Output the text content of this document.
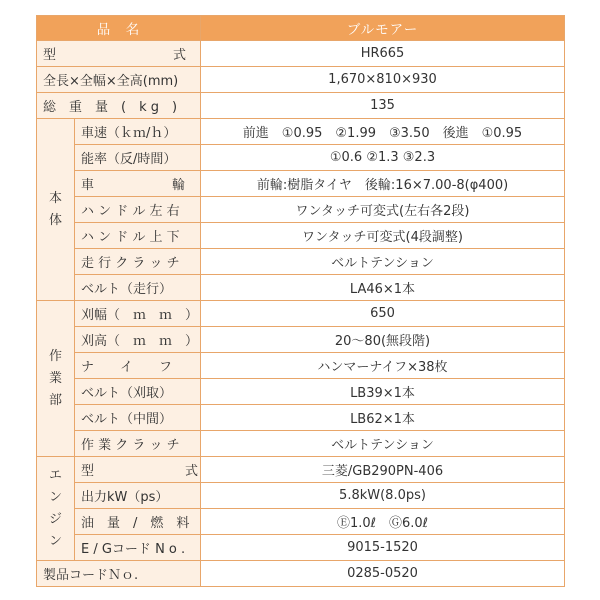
品　名		ブルモアー
型　　　　　　　　　式		HR665
全長×全幅×全高(mm)		1,670×810×930
総　重　量　(　k g　)		135
本
体	車速（ｋｍ/ｈ）	前進　①0.95　②1.99　③3.50　後進　①0.95
	能率（反/時間）	①0.6 ②1.3 ③2.3
	車　　　　　　輪	前輪:樹脂タイヤ　後輪:16×7.00-8(φ400)
	ハ ン ド ル 左 右	ワンタッチ可変式(左右各2段)
	ハ ン ド ル 上 下	ワンタッチ可変式(4段調整)
	走 行 ク ラ ッ チ	ベルトテンション
	ベルト（走行）	LA46×1本
作
業
部	刈幅（　ｍ　ｍ　）	650
	刈高（　ｍ　ｍ　）	20～80(無段階)
	ナ　　イ　　フ	ハンマーナイフ×38枚
	ベルト（刈取）	LB39×1本
	ベルト（中間）	LB62×1本
	作 業 ク ラ ッ チ	ベルトテンション
エ
ン
ジ
ン	型　　　　　　　式	三菱/GB290PN-406
	出力kW（ps）	5.8kW(8.0ps)
	油　量　/　燃　料	Ⓔ1.0ℓ　Ⓖ6.0ℓ
	E / Gコード N o .	9015-1520
製品コードＮｏ.		0285-0520
